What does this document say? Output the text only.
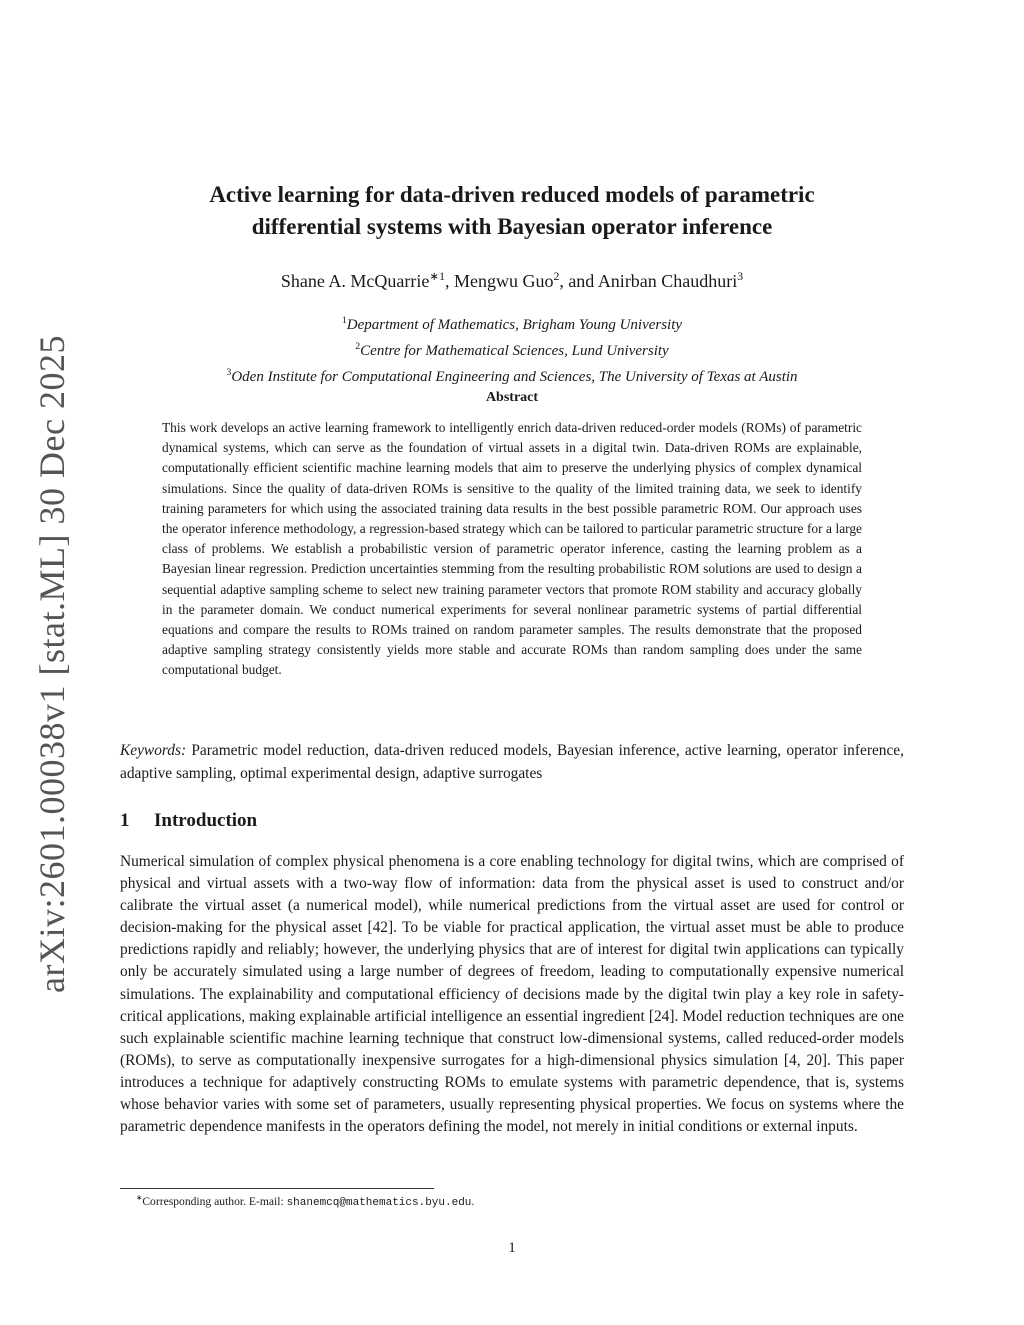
arXiv:2601.00038v1 [stat.ML] 30 Dec 2025
Active learning for data-driven reduced models of parametric
differential systems with Bayesian operator inference
Shane A. McQuarrie$^{∗1}$, Mengwu Guo$^2$, and Anirban Chaudhuri$^3$
$^1$Department of Mathematics, Brigham Young University
$^2$Centre for Mathematical Sciences, Lund University
$^3$Oden Institute for Computational Engineering and Sciences, The University of Texas at Austin
Abstract
This work develops an active learning framework to intelligently enrich data-driven reduced-order models (ROMs) of parametric dynamical systems, which can serve as the foundation of virtual assets in a digital twin. Data-driven ROMs are explainable, computationally efficient scientific machine learning models that aim to preserve the underlying physics of complex dynamical simulations. Since the quality of data-driven ROMs is sensitive to the quality of the limited training data, we seek to identify training parameters for which using the associated training data results in the best possible parametric ROM. Our approach uses the operator inference methodology, a regression-based strategy which can be tailored to particular parametric structure for a large class of problems. We establish a probabilistic version of parametric operator inference, casting the learning problem as a Bayesian linear regression. Prediction uncertainties stemming from the resulting probabilistic ROM solutions are used to design a sequential adaptive sampling scheme to select new training parameter vectors that promote ROM stability and accuracy globally in the parameter domain. We conduct numerical experiments for several nonlinear parametric systems of partial differential equations and compare the results to ROMs trained on random parameter samples. The results demonstrate that the proposed adaptive sampling strategy consistently yields more stable and accurate ROMs than random sampling does under the same computational budget.
Keywords: Parametric model reduction, data-driven reduced models, Bayesian inference, active learning, operator inference, adaptive sampling, optimal experimental design, adaptive surrogates
1 Introduction
Numerical simulation of complex physical phenomena is a core enabling technology for digital twins, which are comprised of physical and virtual assets with a two-way flow of information: data from the physical asset is used to construct and/or calibrate the virtual asset (a numerical model), while numerical predictions from the virtual asset are used for control or decision-making for the physical asset [42]. To be viable for practical application, the virtual asset must be able to produce predictions rapidly and reliably; however, the underlying physics that are of interest for digital twin applications can typically only be accurately simulated using a large number of degrees of freedom, leading to computationally expensive numerical simulations. The explainability and computational efficiency of decisions made by the digital twin play a key role in safety-critical applications, making explainable artificial intelligence an essential ingredient [24]. Model reduction techniques are one such explainable scientific machine learning technique that construct low-dimensional systems, called reduced-order models (ROMs), to serve as computationally inexpensive surrogates for a high-dimensional physics simulation [4, 20]. This paper introduces a technique for adaptively constructing ROMs to emulate systems with parametric dependence, that is, systems whose behavior varies with some set of parameters, usually representing physical properties. We focus on systems where the parametric dependence manifests in the operators defining the model, not merely in initial conditions or external inputs.
∗Corresponding author. E-mail: shanemcq@mathematics.byu.edu.
1
